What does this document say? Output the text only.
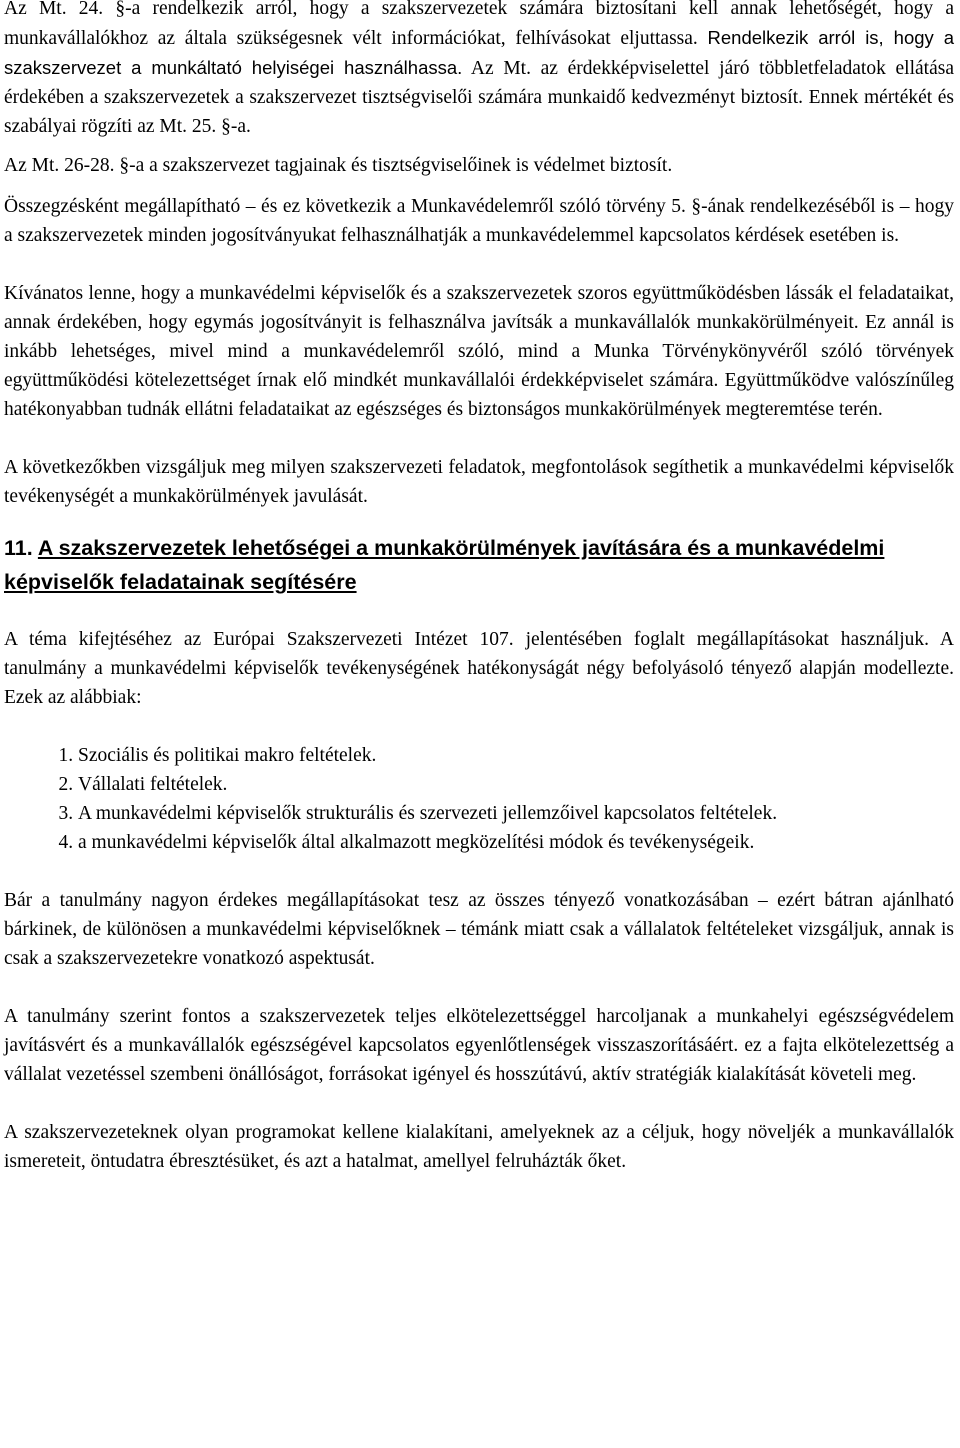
Az Mt. 24. §-a rendelkezik arról, hogy a szakszervezetek számára biztosítani kell annak lehetőségét, hogy a munkavállalókhoz az általa szükségesnek vélt információkat, felhívásokat eljuttassa. Rendelkezik arról is, hogy a szakszervezet a munkáltató helyiségei használhassa. Az Mt. az érdekképviselettel járó többletfeladatok ellátása érdekében a szakszervezetek a szakszervezet tisztségviselői számára munkaidő kedvezményt biztosít. Ennek mértékét és szabályai rögzíti az Mt. 25. §-a.

Az Mt. 26-28. §-a a szakszervezet tagjainak és tisztségviselőinek is védelmet biztosít.

Összegzésként megállapítható – és ez következik a Munkavédelemről szóló törvény 5. §-ának rendelkezéséből is – hogy a szakszervezetek minden jogosítványukat felhasználhatják a munkavédelemmel kapcsolatos kérdések esetében is.

Kívánatos lenne, hogy a munkavédelmi képviselők és a szakszervezetek szoros együttműködésben lássák el feladataikat, annak érdekében, hogy egymás jogosítványit is felhasználva javítsák a munkavállalók munkakörülményeit. Ez annál is inkább lehetséges, mivel mind a munkavédelemről szóló, mind a Munka Törvénykönyvéről szóló törvények együttműködési kötelezettséget írnak elő mindkét munkavállalói érdekképviselet számára. Együttműködve valószínűleg hatékonyabban tudnák ellátni feladataikat az egészséges és biztonságos munkakörülmények megteremtése terén.

A következőkben vizsgáljuk meg milyen szakszervezeti feladatok, megfontolások segíthetik a munkavédelmi képviselők tevékenységét a munkakörülmények javulását.

11. A szakszervezetek lehetőségei a munkakörülmények javítására és a munkavédelmi képviselők feladatainak segítésére

A téma kifejtéséhez az Európai Szakszervezeti Intézet 107. jelentésében foglalt megállapításokat használjuk. A tanulmány a munkavédelmi képviselők tevékenységének hatékonyságát négy befolyásoló tényező alapján modellezte. Ezek az alábbiak:

1. Szociális és politikai makro feltételek.
2. Vállalati feltételek.
3. A munkavédelmi képviselők strukturális és szervezeti jellemzőivel kapcsolatos feltételek.
4. a munkavédelmi képviselők által alkalmazott megközelítési módok és tevékenységeik.

Bár a tanulmány nagyon érdekes megállapításokat tesz az összes tényező vonatkozásában – ezért bátran ajánlható bárkinek, de különösen a munkavédelmi képviselőknek – témánk miatt csak a vállalatok feltételeket vizsgáljuk, annak is csak a szakszervezetekre vonatkozó aspektusát.

A tanulmány szerint fontos a szakszervezetek teljes elkötelezettséggel harcoljanak a munkahelyi egészségvédelem javításvért és a munkavállalók egészségével kapcsolatos egyenlőtlenségek visszaszorításáért. ez a fajta elkötelezettség a vállalat vezetéssel szembeni önállóságot, forrásokat igényel és hosszútávú, aktív stratégiák kialakítását követeli meg.

A szakszervezeteknek olyan programokat kellene kialakítani, amelyeknek az a céljuk, hogy növeljék a munkavállalók ismereteit, öntudatra ébresztésüket, és azt a hatalmat, amellyel felruházták őket.
